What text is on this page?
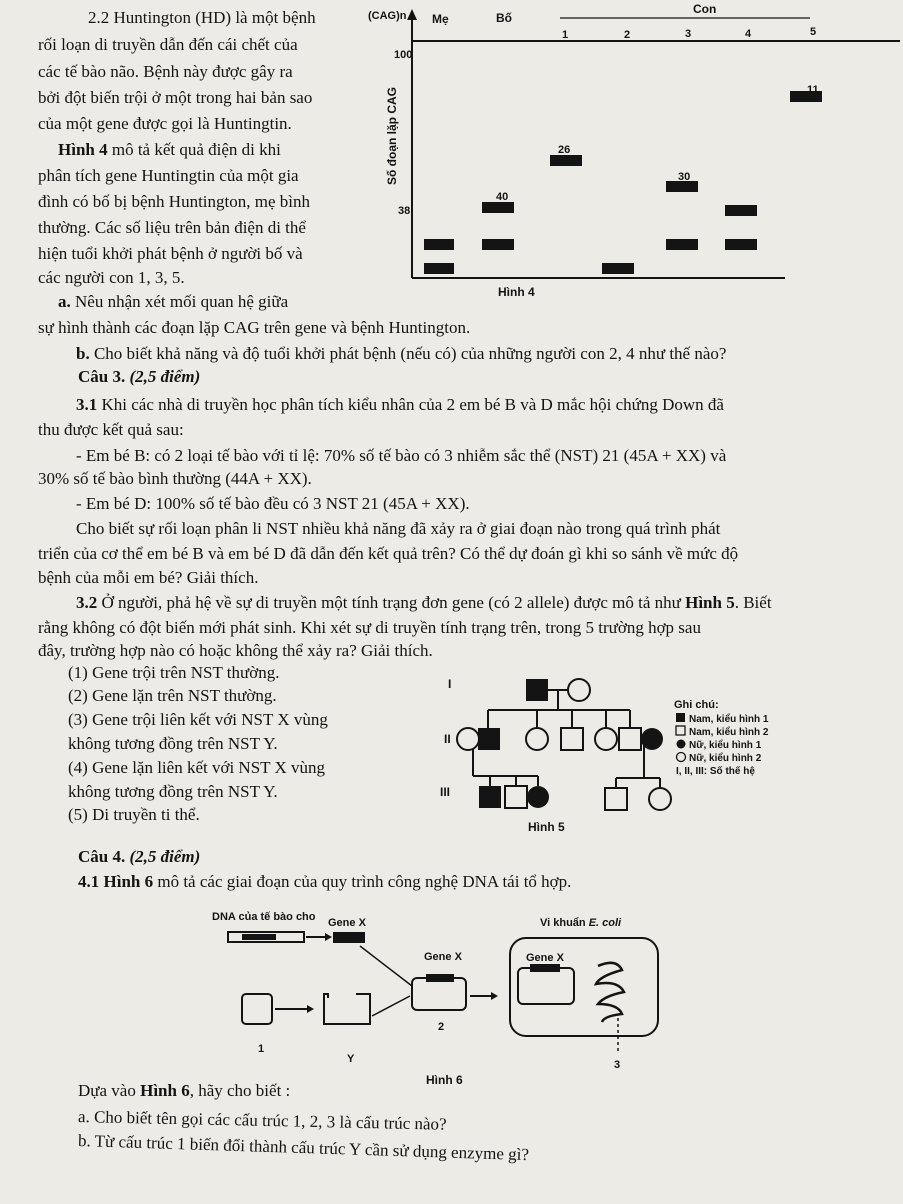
2.2 Huntington (HD) là một bệnh
rối loạn di truyền dẫn đến cái chết của
các tế bào não. Bệnh này được gây ra
bởi đột biến trội ở một trong hai bản sao
của một gene được gọi là Huntingtin.
Hình 4 mô tả kết quả điện di khi
phân tích gene Huntingtin của một gia
đình có bố bị bệnh Huntington, mẹ bình
thường. Các số liệu trên bản điện di thể
hiện tuổi khởi phát bệnh ở người bố và
các người con 1, 3, 5.
a. Nêu nhận xét mối quan hệ giữa
sự hình thành các đoạn lặp CAG trên gene và bệnh Huntington.
b. Cho biết khả năng và độ tuổi khởi phát bệnh (nếu có) của những người con 2, 4 như thế nào?
(CAG)n Mẹ	Bố
Con
1	2	3	4	5
100
38
Số đoạn lặp CAG
40
26
30
11
Hình 4
Câu 3. (2,5 điểm)
3.1 Khi các nhà di truyền học phân tích kiểu nhân của 2 em bé B và D mắc hội chứng Down đã
thu được kết quả sau:
- Em bé B: có 2 loại tế bào với tỉ lệ: 70% số tế bào có 3 nhiễm sắc thể (NST) 21 (45A + XX) và
30% số tế bào bình thường (44A + XX).
- Em bé D: 100% số tế bào đều có 3 NST 21 (45A + XX).
Cho biết sự rối loạn phân li NST nhiều khả năng đã xảy ra ở giai đoạn nào trong quá trình phát
triển của cơ thể em bé B và em bé D đã dẫn đến kết quả trên? Có thể dự đoán gì khi so sánh về mức độ
bệnh của mỗi em bé? Giải thích.
3.2 Ở người, phả hệ về sự di truyền một tính trạng đơn gene (có 2 allele) được mô tả như Hình 5. Biết
rằng không có đột biến mới phát sinh. Khi xét sự di truyền tính trạng trên, trong 5 trường hợp sau
đây, trường hợp nào có hoặc không thể xảy ra? Giải thích.
(1) Gene trội trên NST thường.
(2) Gene lặn trên NST thường.
(3) Gene trội liên kết với NST X vùng
không tương đồng trên NST Y.
(4) Gene lặn liên kết với NST X vùng
không tương đồng trên NST Y.
(5) Di truyền ti thể.
I
II
III
Hình 5
Ghi chú:
Nam, kiểu hình 1
Nam, kiểu hình 2
Nữ, kiểu hình 1
Nữ, kiểu hình 2
I, II, III: Số thế hệ
Câu 4. (2,5 điểm)
4.1 Hình 6 mô tả các giai đoạn của quy trình công nghệ DNA tái tổ hợp.
DNA của tế bào cho Gene X	Vi khuẩn E. coli
Gene X	Gene X
1
Y
2
3
Hình 6
Dựa vào Hình 6, hãy cho biết :
a. Cho biết tên gọi các cấu trúc 1, 2, 3 là cấu trúc nào?
b. Từ cấu trúc 1 biến đổi thành cấu trúc Y cần sử dụng enzyme gì?
